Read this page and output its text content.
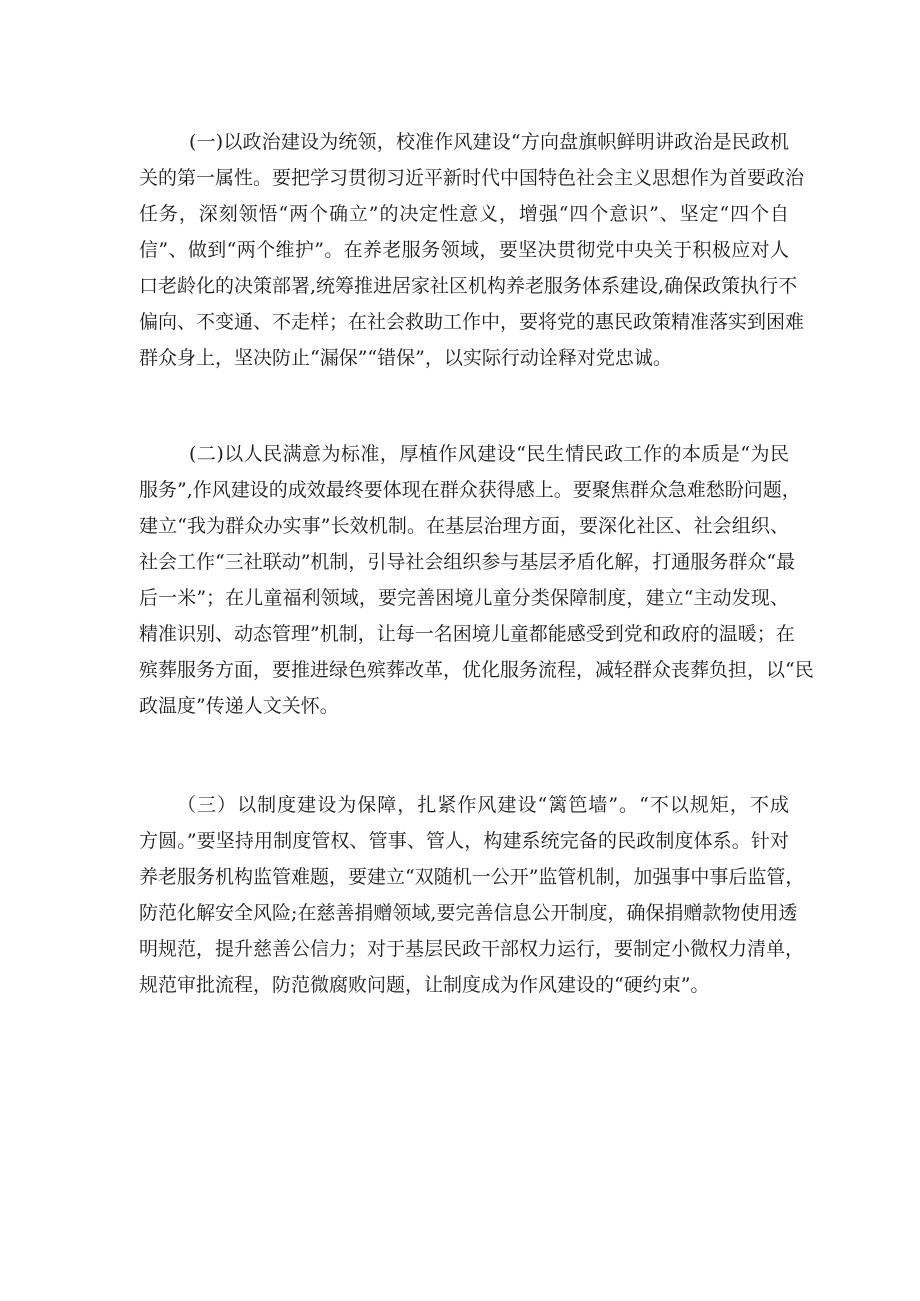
(一)以政治建设为统领，校准作风建设“方向盘旗帜鲜明讲政治是民政机
关的第一属性。要把学习贯彻习近平新时代中国特色社会主义思想作为首要政治
任务，深刻领悟“两个确立”的决定性意义，增强“四个意识”、坚定“四个自
信”、做到“两个维护”。在养老服务领域，要坚决贯彻党中央关于积极应对人
口老龄化的决策部署,统筹推进居家社区机构养老服务体系建设,确保政策执行不
偏向、不变通、不走样；在社会救助工作中，要将党的惠民政策精准落实到困难
群众身上，坚决防止“漏保”“错保”，以实际行动诠释对党忠诚。
(二)以人民满意为标准，厚植作风建设“民生情民政工作的本质是“为民
服务”,作风建设的成效最终要体现在群众获得感上。要聚焦群众急难愁盼问题，
建立“我为群众办实事”长效机制。在基层治理方面，要深化社区、社会组织、
社会工作“三社联动”机制，引导社会组织参与基层矛盾化解，打通服务群众“最
后一米”；在儿童福利领域，要完善困境儿童分类保障制度，建立“主动发现、
精准识别、动态管理”机制，让每一名困境儿童都能感受到党和政府的温暖；在
殡葬服务方面，要推进绿色殡葬改革，优化服务流程，减轻群众丧葬负担，以“民
政温度”传递人文关怀。
（三）以制度建设为保障，扎紧作风建设“篱笆墙”。“不以规矩，不成
方圆。”要坚持用制度管权、管事、管人，构建系统完备的民政制度体系。针对
养老服务机构监管难题，要建立“双随机一公开”监管机制，加强事中事后监管，
防范化解安全风险;在慈善捐赠领域,要完善信息公开制度，确保捐赠款物使用透
明规范，提升慈善公信力；对于基层民政干部权力运行，要制定小微权力清单，
规范审批流程，防范微腐败问题，让制度成为作风建设的“硬约束”。
